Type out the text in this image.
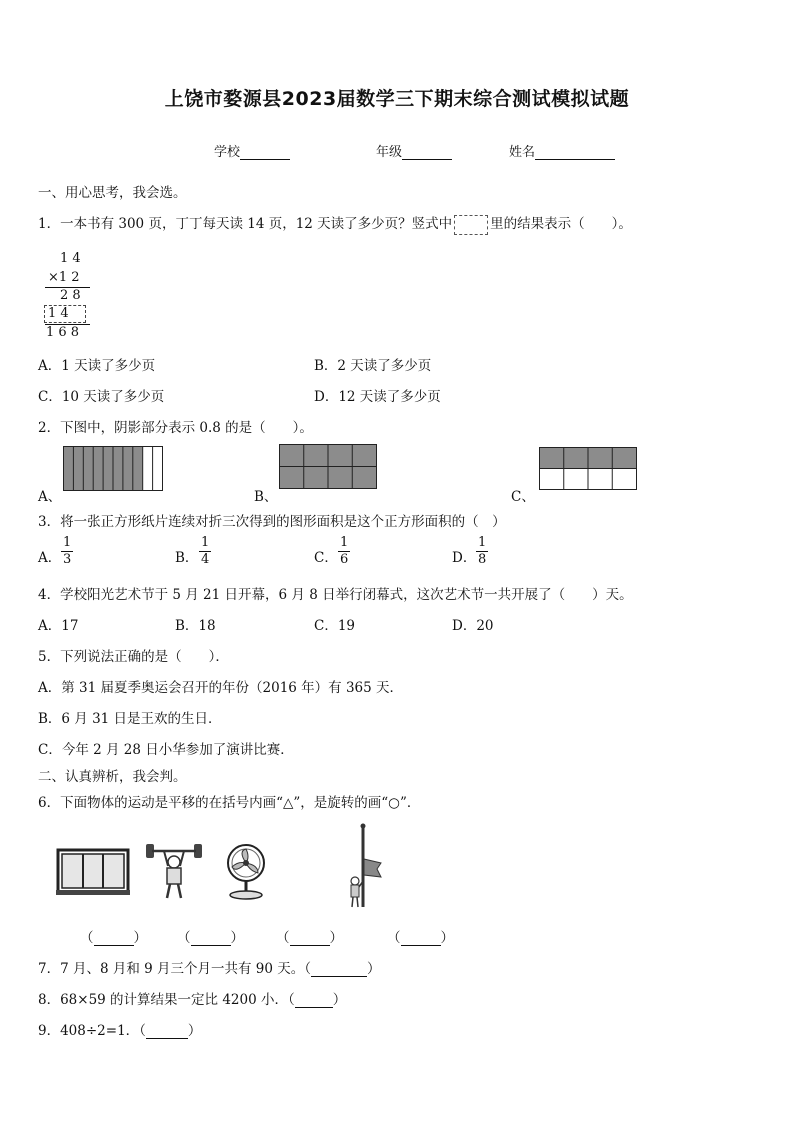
上饶市婺源县2023届数学三下期末综合测试模拟试题
学校	年级	姓名
一、用心思考，我会选。
1．一本书有 300 页，丁丁每天读 14 页，12 天读了多少页？竖式中	里的结果表示（　　）。
1 4
×1 2
2 8
1 4
1 6 8
A．1 天读了多少页	B．2 天读了多少页
C．10 天读了多少页	D．12 天读了多少页
2．下图中，阴影部分表示 0.8 的是（　　）。
A、	B、	C、
3．将一张正方形纸片连续对折三次得到的图形面积是这个正方形面积的（　）
A． $\frac{1}{3}$	B． $\frac{1}{4}$	C． $\frac{1}{6}$	D． $\frac{1}{8}$
4．学校阳光艺术节于 5 月 21 日开幕，6 月 8 日举行闭幕式，这次艺术节一共开展了（　　）天。
A．17	B．18	C．19	D．20
5．下列说法正确的是（　　）．
A．第 31 届夏季奥运会召开的年份（2016 年）有 365 天．
B．6 月 31 日是王欢的生日．
C．今年 2 月 28 日小华参加了演讲比赛．
二、认真辨析，我会判。
6．下面物体的运动是平移的在括号内画“△”，是旋转的画“○”．
（	） （	） （	）	（	）
7．7 月、8 月和 9 月三个月一共有 90 天。（	）
8．68×59 的计算结果一定比 4200 小．（	）
9．408÷2=1．（	）
